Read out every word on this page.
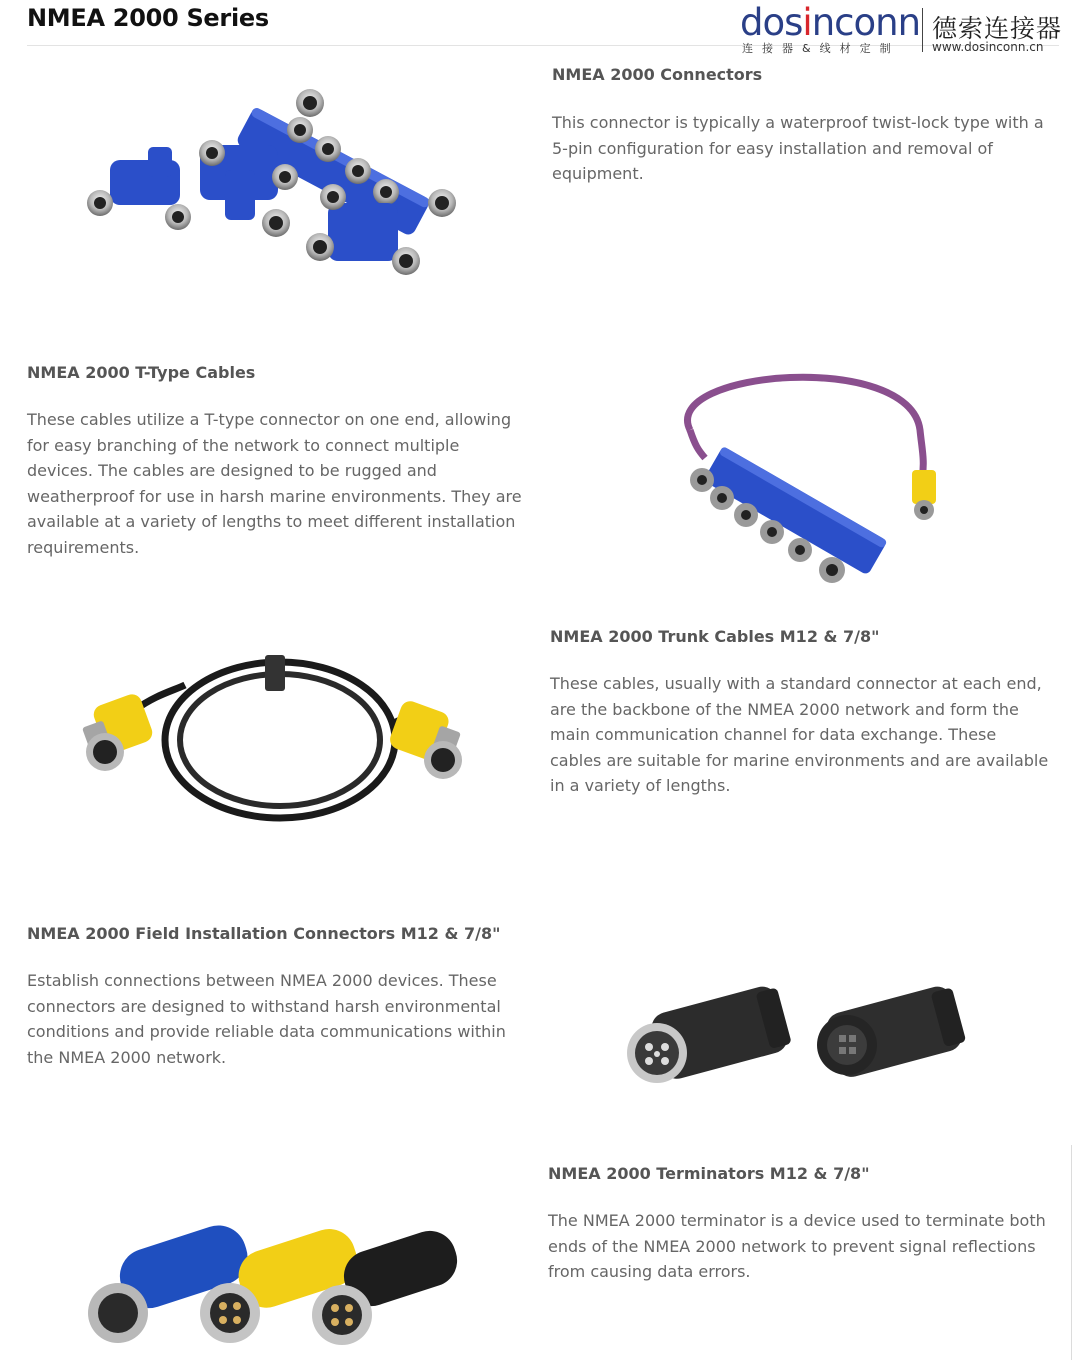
NMEA 2000 Series	dosinconn
连接器&线材定制
德索连接器
www.dosinconn.cn
NMEA 2000 Connectors

This connector is typically a waterproof twist-lock type with a 5-pin configuration for easy installation and removal of equipment.

NMEA 2000 T-Type Cables

These cables utilize a T-type connector on one end, allowing for easy branching of the network to connect multiple devices. The cables are designed to be rugged and weatherproof for use in harsh marine environments. They are available at a variety of lengths to meet different installation requirements.

NMEA 2000 Trunk Cables M12 & 7/8"

These cables, usually with a standard connector at each end, are the backbone of the NMEA 2000 network and form the main communication channel for data exchange. These cables are suitable for marine environments and are available in a variety of lengths.

NMEA 2000 Field Installation Connectors M12 & 7/8"

Establish connections between NMEA 2000 devices. These connectors are designed to withstand harsh environmental conditions and provide reliable data communications within the NMEA 2000 network.

NMEA 2000 Terminators M12 & 7/8"

The NMEA 2000 terminator is a device used to terminate both ends of the NMEA 2000 network to prevent signal reflections from causing data errors.
